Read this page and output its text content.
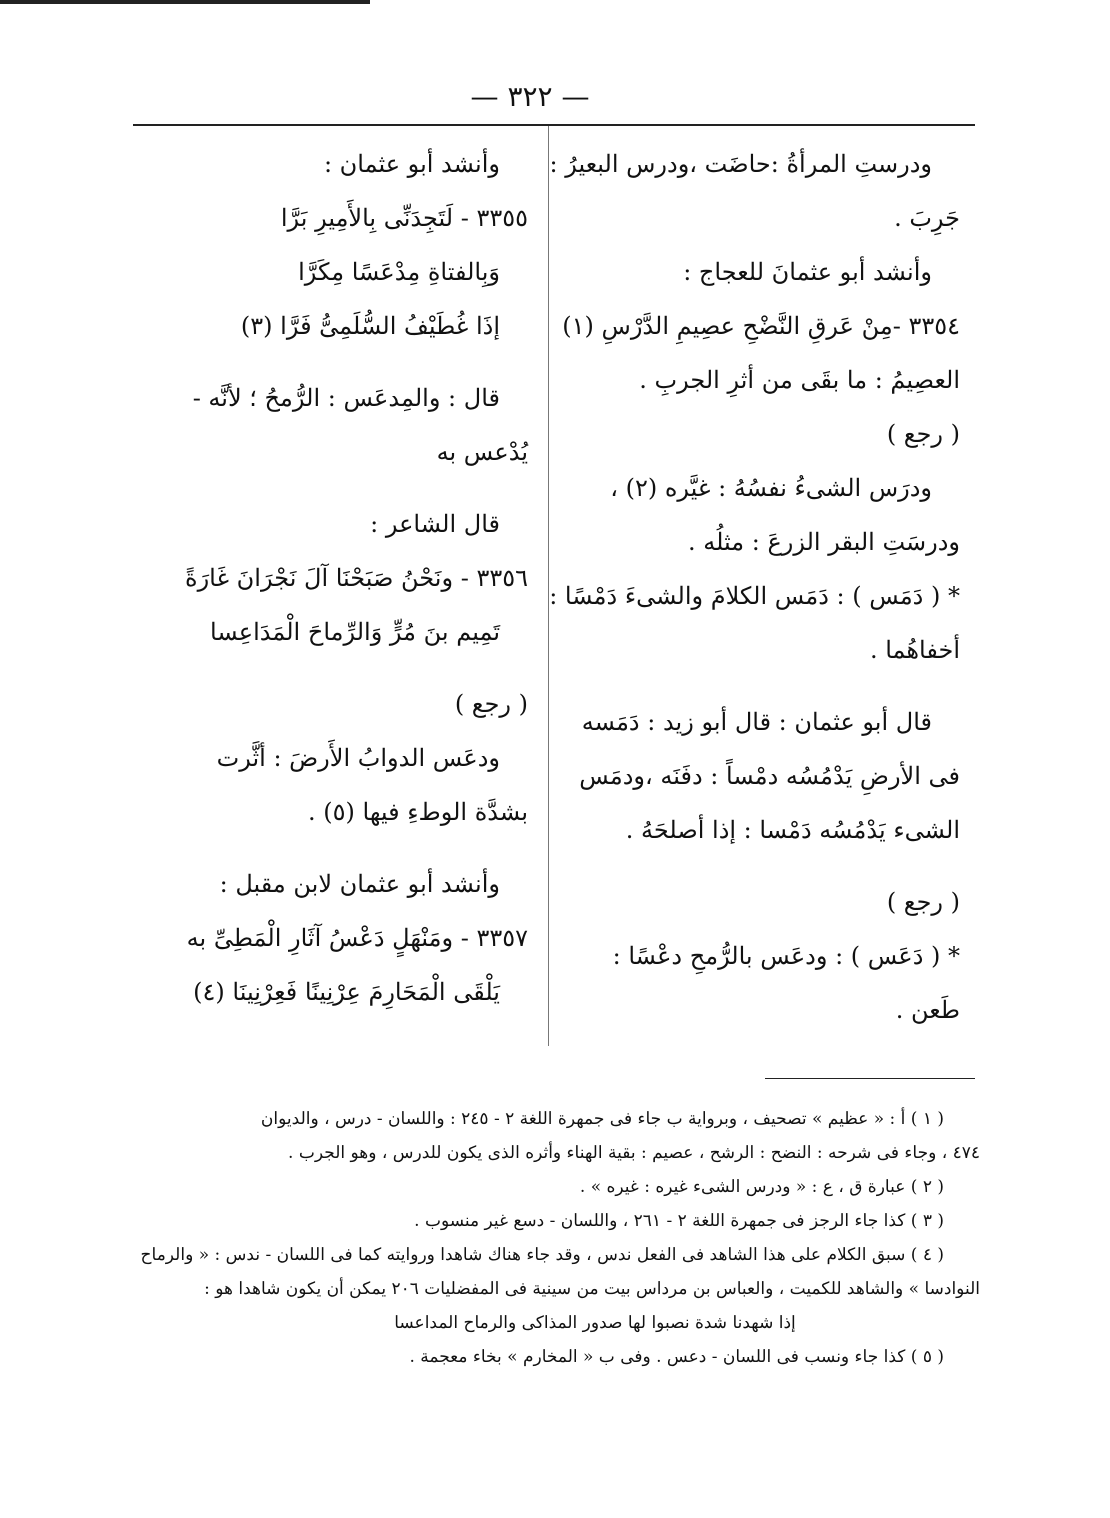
— ٣٢٢ —
ودرستِ المرأةُ :حاضَت ،ودرس البعيرُ :
جَرِبَ .
وأنشد أبو عثمانَ للعجاج :
٣٣٥٤ -مِنْ عَرقِ النَّضْحِ عصِيمِ الدَّرْسِ (١)
العصِيمُ : ما بقَى من أثرِ الجربِ .
( رجع )
ودرَس الشىءُ نفسُهُ : غيَّره (٢) ،
ودرسَتِ البقر الزرعَ : مثلُه .
* ( دَمَس ) : دَمَس الكلامَ والشىءَ دَمْسًا :
أخفاهُما .
قال أبو عثمان : قال أبو زيد : دَمَسه
فى الأرضِ يَدْمُسُه دمْساً : دفَنَه ،ودمَس
الشىء يَدْمُسُه دَمْسا : إذا أصلحَهُ .
( رجع )
* ( دَعَس ) : ودعَس بالرُّمحِ دعْسًا :
طَعن .
وأنشد أبو عثمان :
٣٣٥٥ - لَتَجِدَنِّى بِالأَمِيرِ بَرَّا
وَبِالفتاةِ مِدْعَسًا مِكَرَّا
إذَا غُطَيْفُ السُّلَمِىُّ فَرَّا (٣)
قال : والمِدعَس : الرُّمحُ ؛ لأنَّه -
يُدْعس به
قال الشاعر :
٣٣٥٦ - ونَحْنُ صَبَحْنَا آلَ نَجْرَانَ غَارَةً
تَمِيم بنَ مُرٍّ وَالرِّماحَ الْمَدَاعِسا
( رجع )
ودعَس الدوابُ الأَرضَ : أثَّرت
بشدَّة الوطءِ فيها (٥) .
وأنشد أبو عثمان لابن مقبل :
٣٣٥٧ - ومَنْهَلٍ دَعْسُ آثَارِ الْمَطِىِّ به
يَلْقَى الْمَحَارِمَ عِرْنِينًا فَعِرْنِينَا (٤)
( ١ ) أ : « عظيم » تصحيف ، وبرواية ب جاء فى جمهرة اللغة ٢ - ٢٤٥ : واللسان - درس ، والديوان
٤٧٤ ، وجاء فى شرحه : النضح : الرشح ، عصيم : بقية الهناء وأثره الذى يكون للدرس ، وهو الجرب .
( ٢ ) عبارة ق ، ع : « ودرس الشىء غيره : غيره » .
( ٣ ) كذا جاء الرجز فى جمهرة اللغة ٢ - ٢٦١ ، واللسان - دسع غير منسوب .
( ٤ ) سبق الكلام على هذا الشاهد فى الفعل ندس ، وقد جاء هناك شاهدا وروايته كما فى اللسان - ندس : « والرماح
النوادسا » والشاهد للكميت ، والعباس بن مرداس بيت من سينية فى المفضليات ٢٠٦ يمكن أن يكون شاهدا هو :
إذا شهدنا شدة نصبوا لها صدور المذاكى والرماح المداعسا
( ٥ ) كذا جاء ونسب فى اللسان - دعس . وفى ب « المخارم » بخاء معجمة .
